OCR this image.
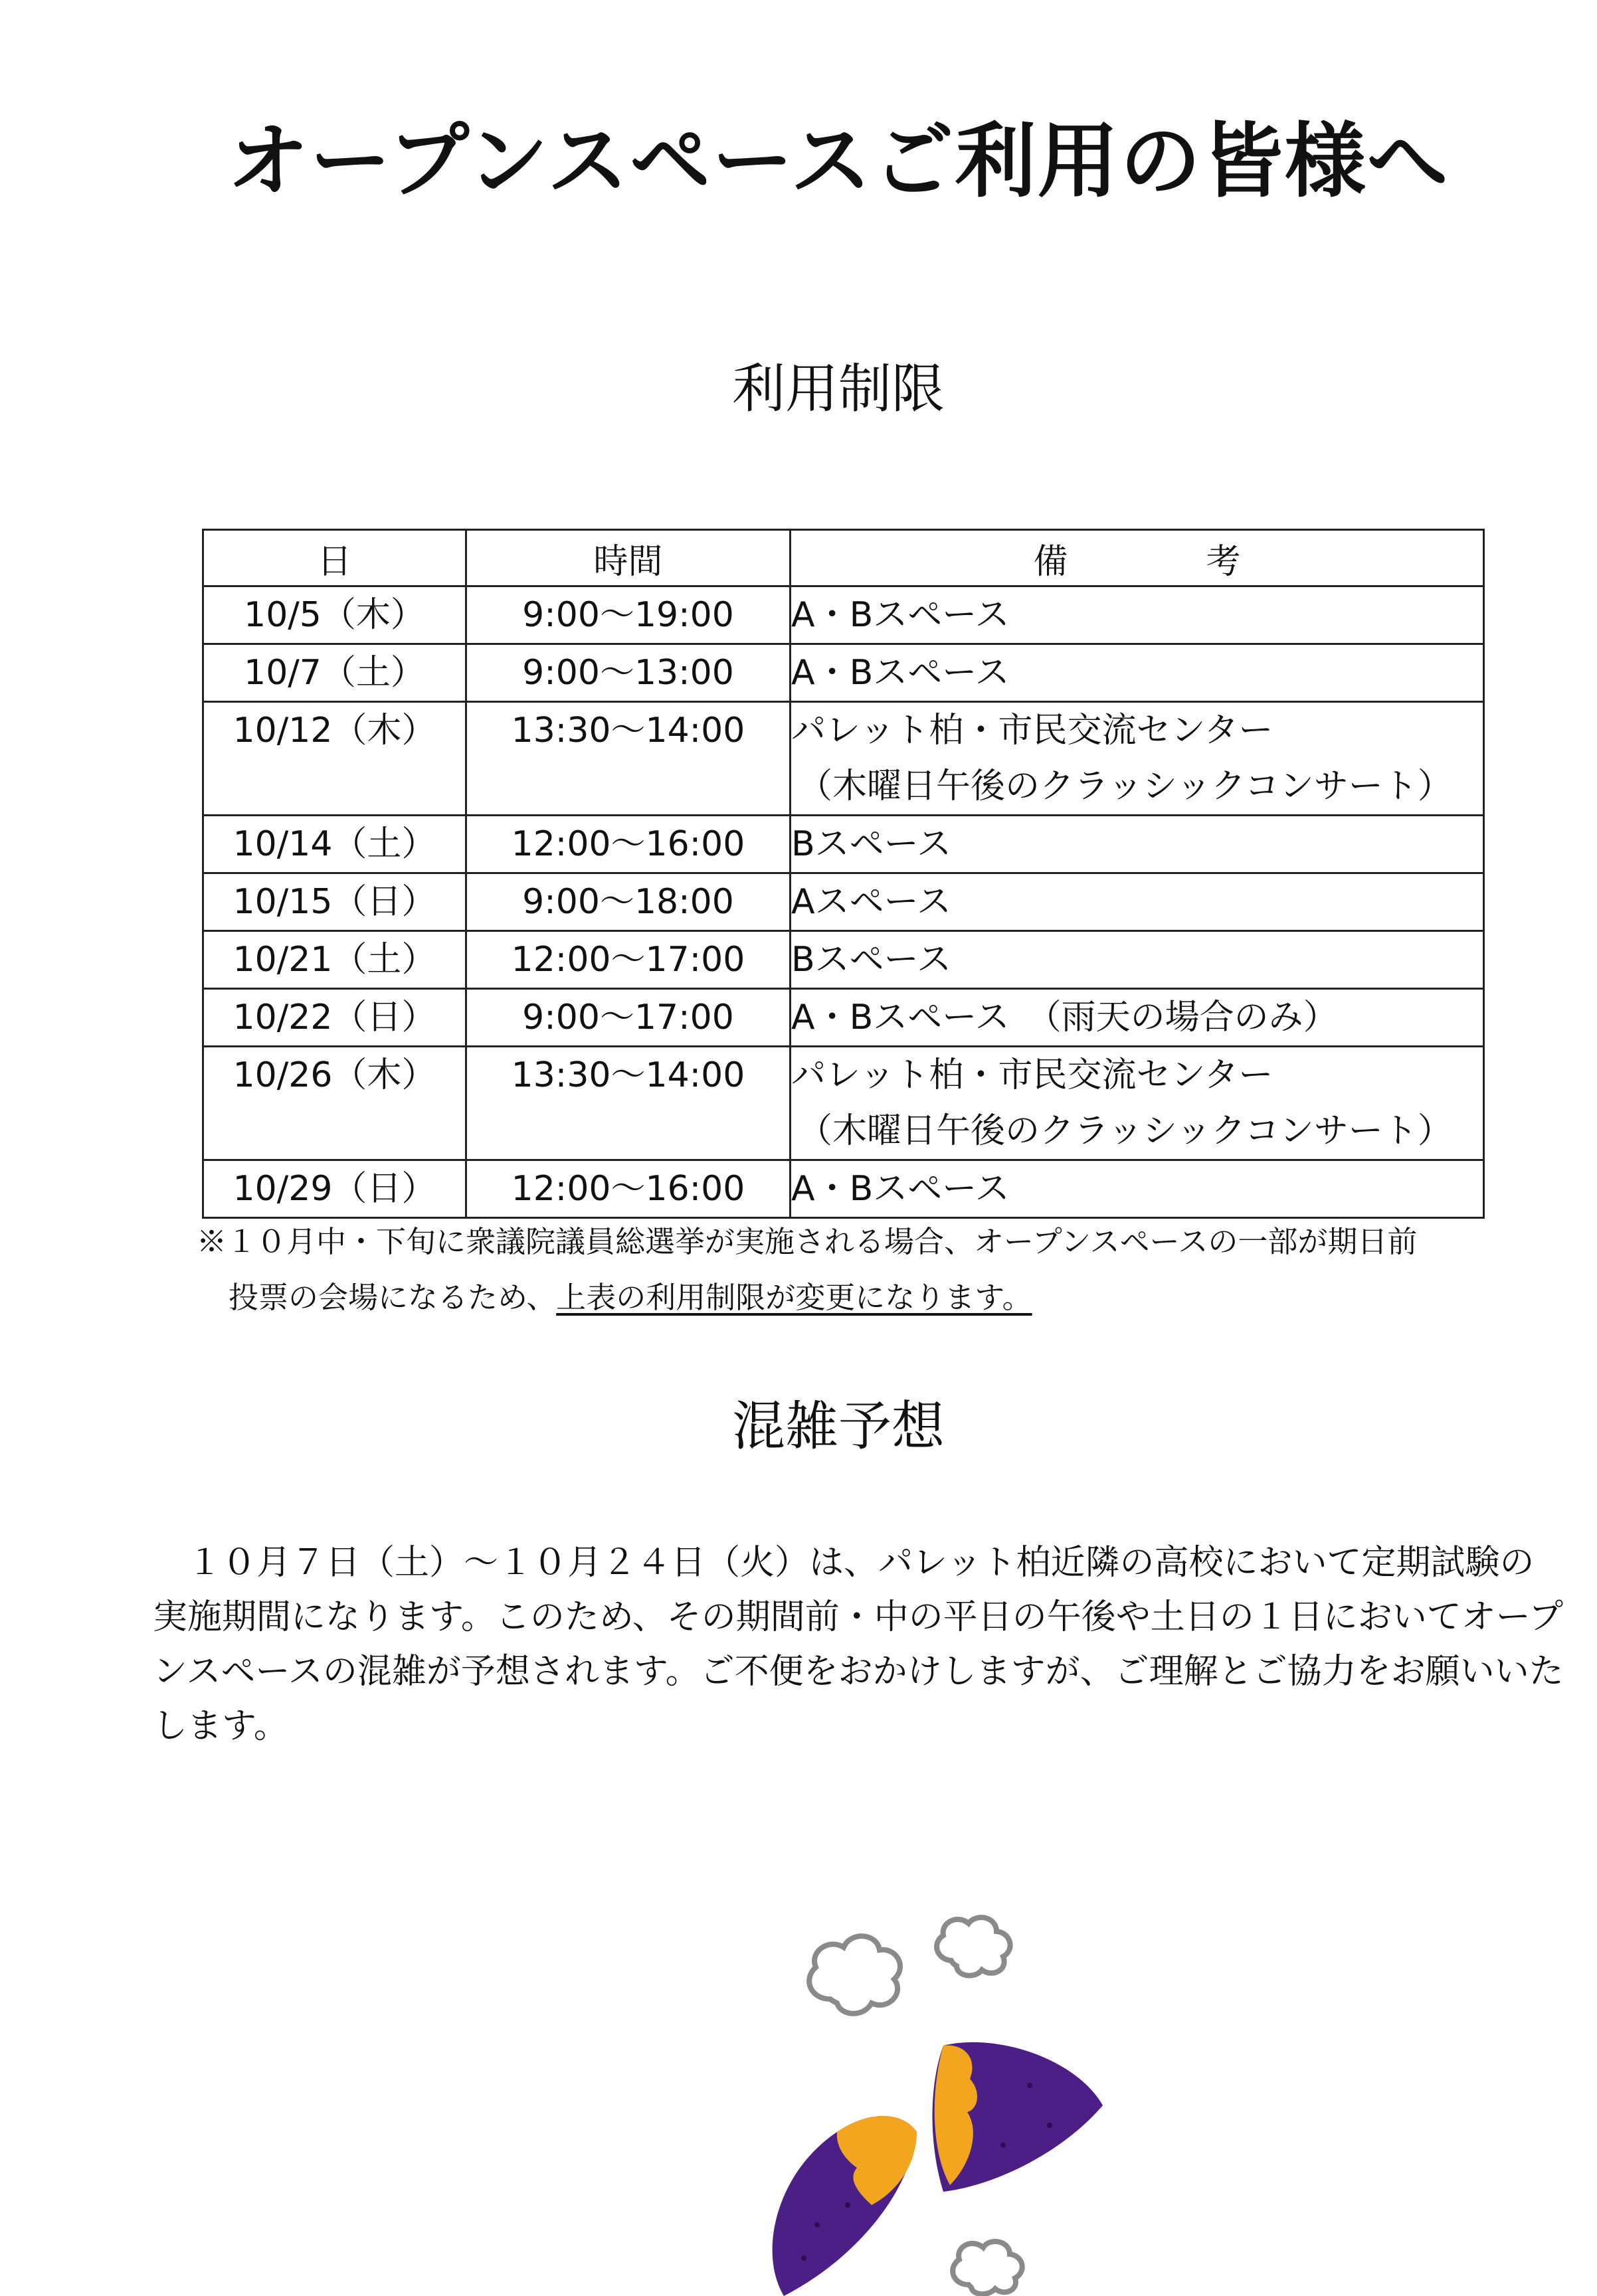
オープンスペースご利用の皆様へ
利用制限
日	時間	備　　　　考
10/5（木）	9:00〜19:00	A・Bスペース
10/7（土）	9:00〜13:00	A・Bスペース
10/12（木）	13:30〜14:00	パレット柏・市民交流センター
（木曜日午後のクラッシックコンサート）

10/14（土）	12:00〜16:00	Bスペース
10/15（日）	9:00〜18:00	Aスペース
10/21（土）	12:00〜17:00	Bスペース
10/22（日）	9:00〜17:00	A・Bスペース　（雨天の場合のみ）
10/26（木）	13:30〜14:00	パレット柏・市民交流センター
（木曜日午後のクラッシックコンサート）

10/29（日）	12:00〜16:00	A・Bスペース
※１０月中・下旬に衆議院議員総選挙が実施される場合、オープンスペースの一部が期日前
投票の会場になるため、上表の利用制限が変更になります。
混雑予想
１０月７日（土）〜１０月２４日（火）は、パレット柏近隣の高校において定期試験の実施期間になります。このため、その期間前・中の平日の午後や土日の１日においてオープンスペースの混雑が予想されます。ご不便をおかけしますが、ご理解とご協力をお願いいたします。
